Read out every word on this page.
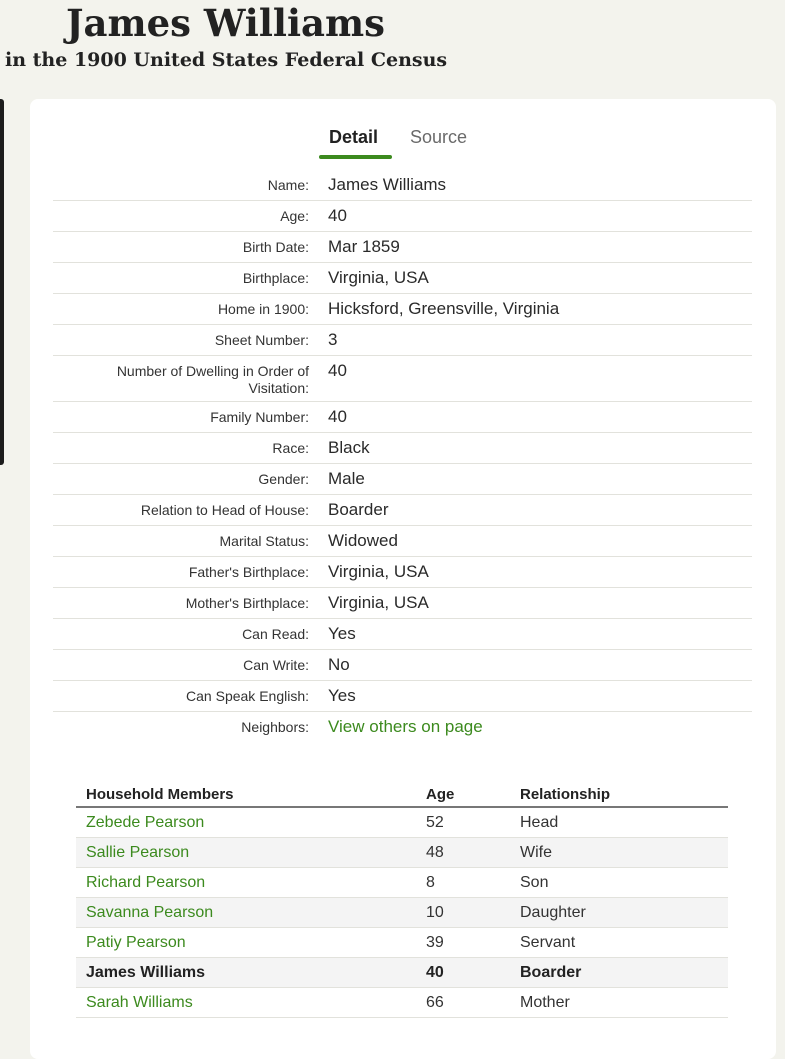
James Williams
in the 1900 United States Federal Census
Detail Source
Name:	James Williams
Age:	40
Birth Date:	Mar 1859
Birthplace:	Virginia, USA
Home in 1900:	Hicksford, Greensville, Virginia
Sheet Number:	3
Number of Dwelling in Order of Visitation:
40
Family Number:	40
Race:	Black
Gender:	Male
Relation to Head of House:	Boarder
Marital Status:	Widowed
Father's Birthplace:	Virginia, USA
Mother's Birthplace:	Virginia, USA
Can Read:	Yes
Can Write:	No
Can Speak English:	Yes
Neighbors:	View others on page
Household Members	Age	Relationship
Zebede Pearson	52	Head
Sallie Pearson	48	Wife
Richard Pearson	8	Son
Savanna Pearson	10	Daughter
Patiy Pearson	39	Servant
James Williams	40	Boarder
Sarah Williams	66	Mother
